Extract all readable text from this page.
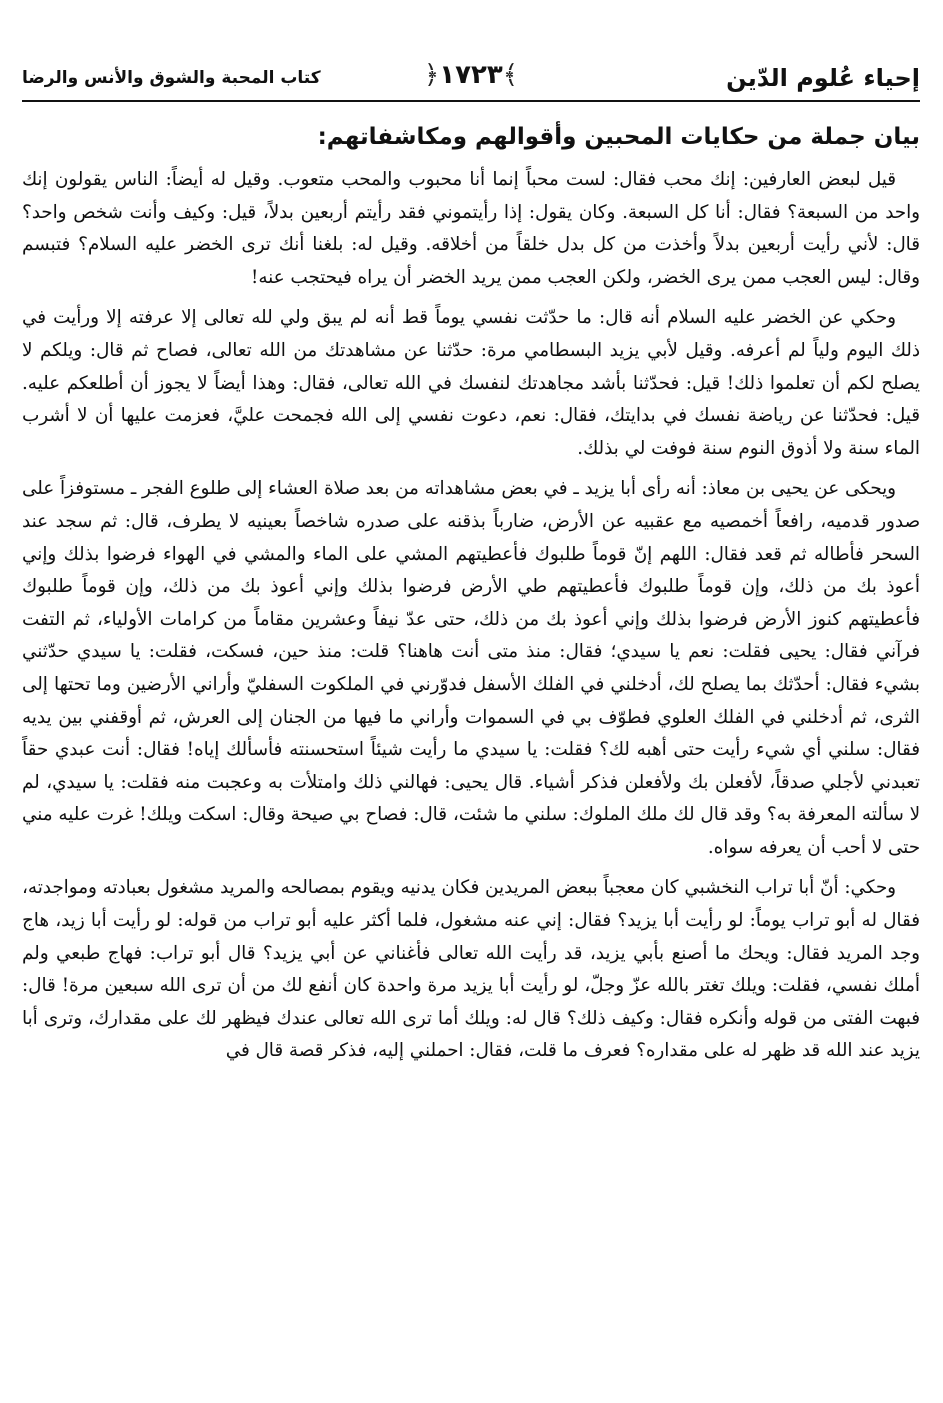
إحياء عُلوم الدّين
﴿١٧٢٣﴾
كتاب المحبة والشوق والأنس والرضا
بيان جملة من حكايات المحبين وأقوالهم ومكاشفاتهم:

قيل لبعض العارفين: إنك محب فقال: لست محباً إنما أنا محبوب والمحب متعوب. وقيل له أيضاً: الناس يقولون إنك واحد من السبعة؟ فقال: أنا كل السبعة. وكان يقول: إذا رأيتموني فقد رأيتم أربعين بدلاً، قيل: وكيف وأنت شخص واحد؟ قال: لأني رأيت أربعين بدلاً وأخذت من كل بدل خلقاً من أخلاقه. وقيل له: بلغنا أنك ترى الخضر عليه السلام؟ فتبسم وقال: ليس العجب ممن يرى الخضر، ولكن العجب ممن يريد الخضر أن يراه فيحتجب عنه!

وحكي عن الخضر عليه السلام أنه قال: ما حدّثت نفسي يوماً قط أنه لم يبق ولي لله تعالى إلا عرفته إلا ورأيت في ذلك اليوم ولياً لم أعرفه. وقيل لأبي يزيد البسطامي مرة: حدّثنا عن مشاهدتك من الله تعالى، فصاح ثم قال: ويلكم لا يصلح لكم أن تعلموا ذلك! قيل: فحدّثنا بأشد مجاهدتك لنفسك في الله تعالى، فقال: وهذا أيضاً لا يجوز أن أطلعكم عليه. قيل: فحدّثنا عن رياضة نفسك في بدايتك، فقال: نعم، دعوت نفسي إلى الله فجمحت عليَّ، فعزمت عليها أن لا أشرب الماء سنة ولا أذوق النوم سنة فوفت لي بذلك.

ويحكى عن يحيى بن معاذ: أنه رأى أبا يزيد ـ في بعض مشاهداته من بعد صلاة العشاء إلى طلوع الفجر ـ مستوفزاً على صدور قدميه، رافعاً أخمصيه مع عقبيه عن الأرض، ضارباً بذقنه على صدره شاخصاً بعينيه لا يطرف، قال: ثم سجد عند السحر فأطاله ثم قعد فقال: اللهم إنّ قوماً طلبوك فأعطيتهم المشي على الماء والمشي في الهواء فرضوا بذلك وإني أعوذ بك من ذلك، وإن قوماً طلبوك فأعطيتهم طي الأرض فرضوا بذلك وإني أعوذ بك من ذلك، وإن قوماً طلبوك فأعطيتهم كنوز الأرض فرضوا بذلك وإني أعوذ بك من ذلك، حتى عدّ نيفاً وعشرين مقاماً من كرامات الأولياء، ثم التفت فرآني فقال: يحيى فقلت: نعم يا سيدي؛ فقال: منذ متى أنت هاهنا؟ قلت: منذ حين، فسكت، فقلت: يا سيدي حدّثني بشيء فقال: أحدّثك بما يصلح لك، أدخلني في الفلك الأسفل فدوّرني في الملكوت السفليّ وأراني الأرضين وما تحتها إلى الثرى، ثم أدخلني في الفلك العلوي فطوّف بي في السموات وأراني ما فيها من الجنان إلى العرش، ثم أوقفني بين يديه فقال: سلني أي شيء رأيت حتى أهبه لك؟ فقلت: يا سيدي ما رأيت شيئاً استحسنته فأسألك إياه! فقال: أنت عبدي حقاً تعبدني لأجلي صدقاً، لأفعلن بك ولأفعلن فذكر أشياء. قال يحيى: فهالني ذلك وامتلأت به وعجبت منه فقلت: يا سيدي، لم لا سألته المعرفة به؟ وقد قال لك ملك الملوك: سلني ما شئت، قال: فصاح بي صيحة وقال: اسكت ويلك! غرت عليه مني حتى لا أحب أن يعرفه سواه.

وحكي: أنّ أبا تراب النخشبي كان معجباً ببعض المريدين فكان يدنيه ويقوم بمصالحه والمريد مشغول بعبادته ومواجدته، فقال له أبو تراب يوماً: لو رأيت أبا يزيد؟ فقال: إني عنه مشغول، فلما أكثر عليه أبو تراب من قوله: لو رأيت أبا زيد، هاج وجد المريد فقال: ويحك ما أصنع بأبي يزيد، قد رأيت الله تعالى فأغناني عن أبي يزيد؟ قال أبو تراب: فهاج طبعي ولم أملك نفسي، فقلت: ويلك تغتر بالله عزّ وجلّ، لو رأيت أبا يزيد مرة واحدة كان أنفع لك من أن ترى الله سبعين مرة! قال: فبهت الفتى من قوله وأنكره فقال: وكيف ذلك؟ قال له: ويلك أما ترى الله تعالى عندك فيظهر لك على مقدارك، وترى أبا يزيد عند الله قد ظهر له على مقداره؟ فعرف ما قلت، فقال: احملني إليه، فذكر قصة قال في
